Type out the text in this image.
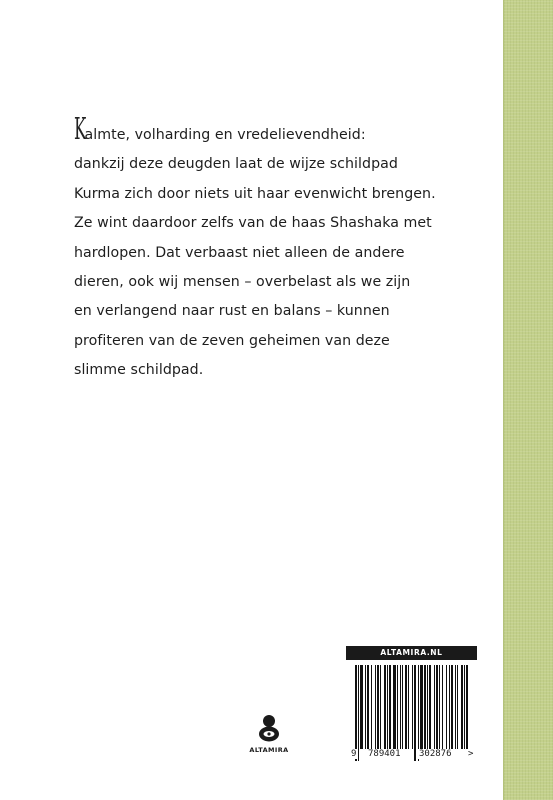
Kalmte, volharding en vredelievendheid:
dankzij deze deugden laat de wijze schildpad
Kurma zich door niets uit haar evenwicht brengen.
Ze wint daardoor zelfs van de haas Shashaka met
hardlopen. Dat verbaast niet alleen de andere
dieren, ook wij mensen – overbelast als we zijn
en verlangend naar rust en balans – kunnen
profiteren van de zeven geheimen van deze
slimme schildpad.
ALTAMIRA
ALTAMIRA.NL
9 789401 302876 >
